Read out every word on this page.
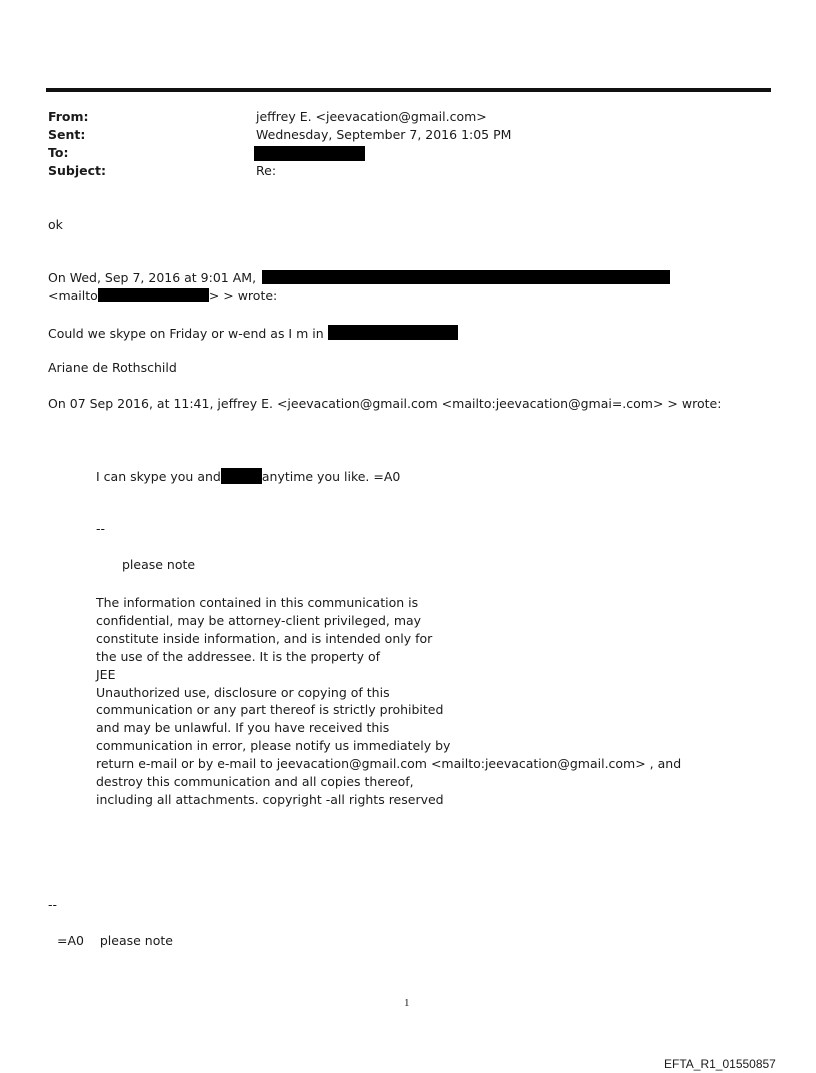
From:	jeffrey E. <jeevacation@gmail.com>
Sent:	Wednesday, September 7, 2016 1:05 PM
To:
Subject:	Re:
ok
On Wed, Sep 7, 2016 at 9:01 AM,
<mailto	> > wrote:
Could we skype on Friday or w-end as I m in
Ariane de Rothschild
On 07 Sep 2016, at 11:41, jeffrey E. <jeevacation@gmail.com <mailto:jeevacation@gmai=.com> > wrote:
I can skype you and	anytime you like. =A0
--
please note
The information contained in this communication is
confidential, may be attorney-client privileged, may
constitute inside information, and is intended only for
the use of the addressee. It is the property of
JEE
Unauthorized use, disclosure or copying of this
communication or any part thereof is strictly prohibited
and may be unlawful. If you have received this
communication in error, please notify us immediately by
return e-mail or by e-mail to jeevacation@gmail.com <mailto:jeevacation@gmail.com> , and
destroy this communication and all copies thereof,
including all attachments. copyright -all rights reserved
--
=A0    please note
1
EFTA_R1_01550857
